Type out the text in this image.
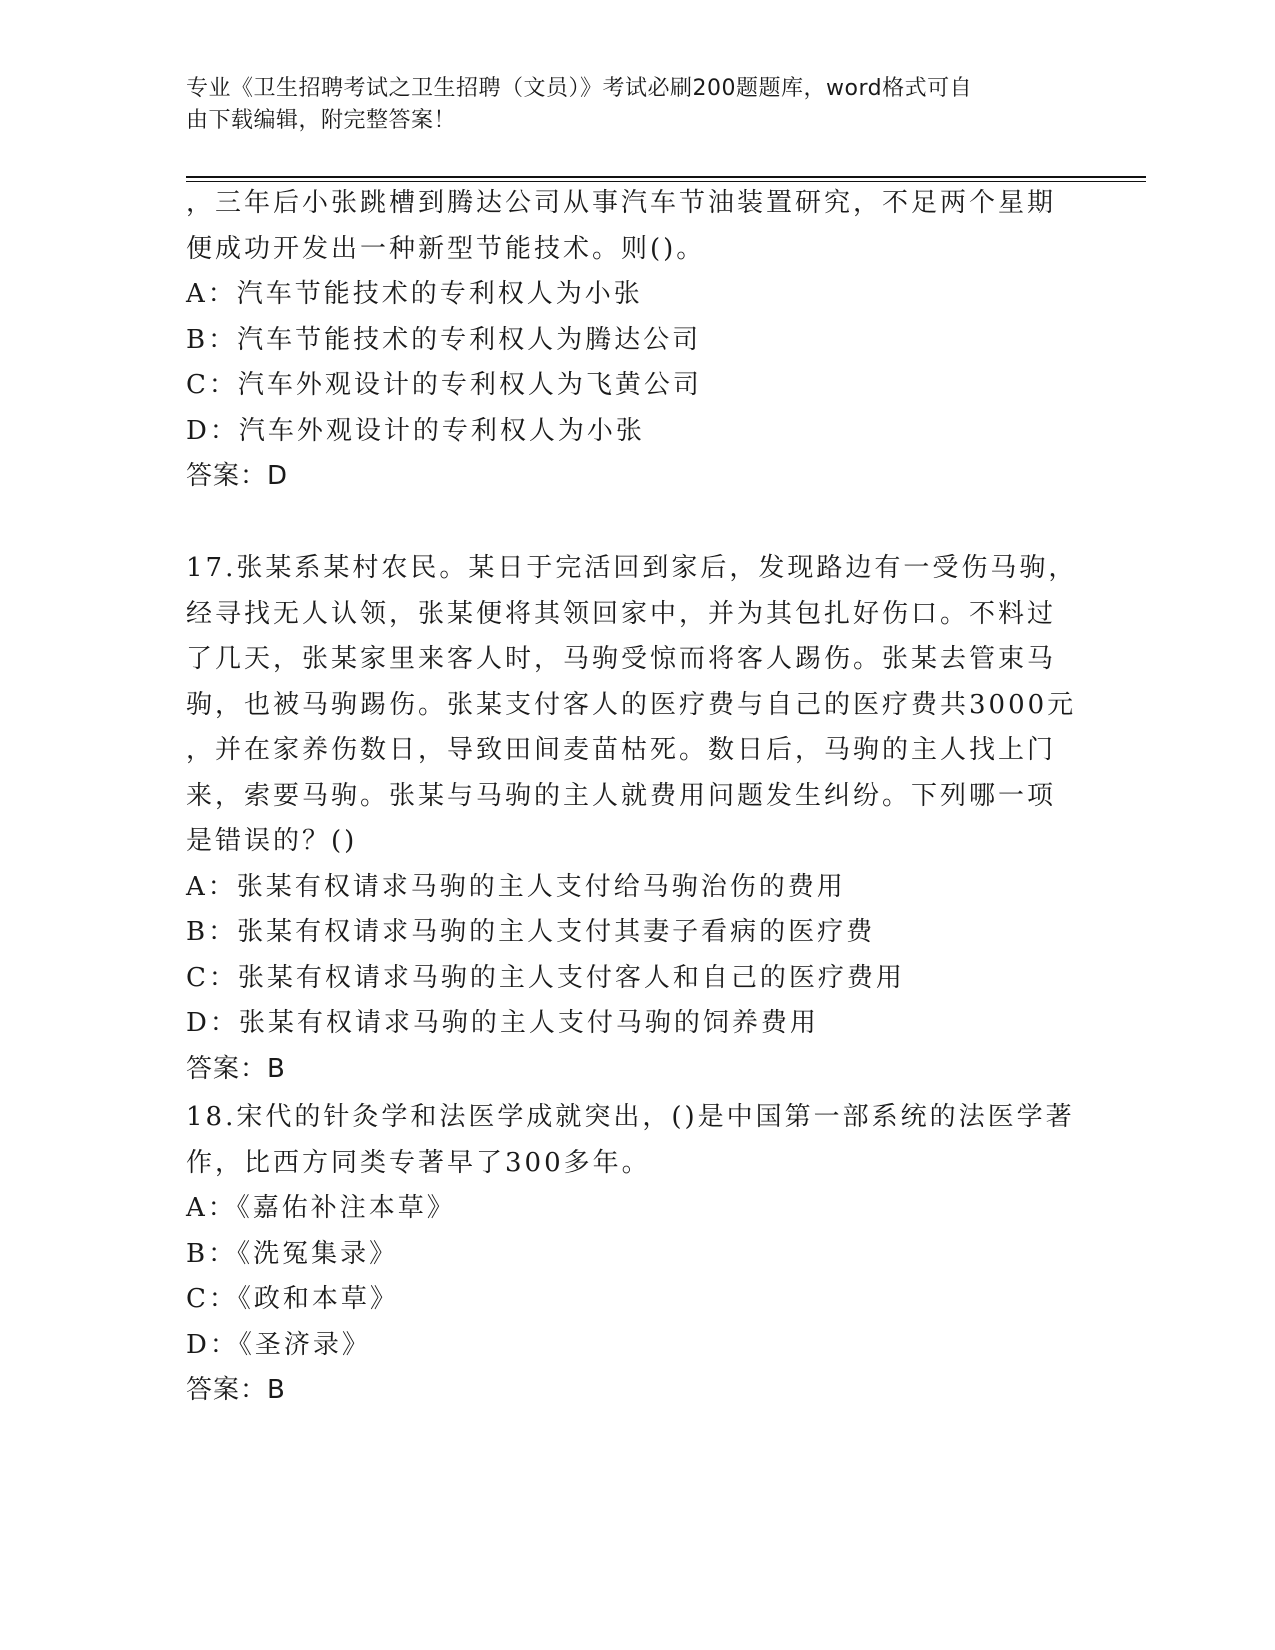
专业《卫生招聘考试之卫生招聘（文员）》考试必刷200题题库，word格式可自
由下载编辑，附完整答案！
，三年后小张跳槽到腾达公司从事汽车节油装置研究，不足两个星期
便成功开发出一种新型节能技术。则()。
A：汽车节能技术的专利权人为小张
B：汽车节能技术的专利权人为腾达公司
C：汽车外观设计的专利权人为飞黄公司
D：汽车外观设计的专利权人为小张
答案：D
17.张某系某村农民。某日于完活回到家后，发现路边有一受伤马驹，
经寻找无人认领，张某便将其领回家中，并为其包扎好伤口。不料过
了几天，张某家里来客人时，马驹受惊而将客人踢伤。张某去管束马
驹，也被马驹踢伤。张某支付客人的医疗费与自己的医疗费共3000元
，并在家养伤数日，导致田间麦苗枯死。数日后，马驹的主人找上门
来，索要马驹。张某与马驹的主人就费用问题发生纠纷。下列哪一项
是错误的？()
A：张某有权请求马驹的主人支付给马驹治伤的费用
B：张某有权请求马驹的主人支付其妻子看病的医疗费
C：张某有权请求马驹的主人支付客人和自己的医疗费用
D：张某有权请求马驹的主人支付马驹的饲养费用
答案：B
18.宋代的针灸学和法医学成就突出，()是中国第一部系统的法医学著
作，比西方同类专著早了300多年。
A：《嘉佑补注本草》
B：《洗冤集录》
C：《政和本草》
D：《圣济录》
答案：B
